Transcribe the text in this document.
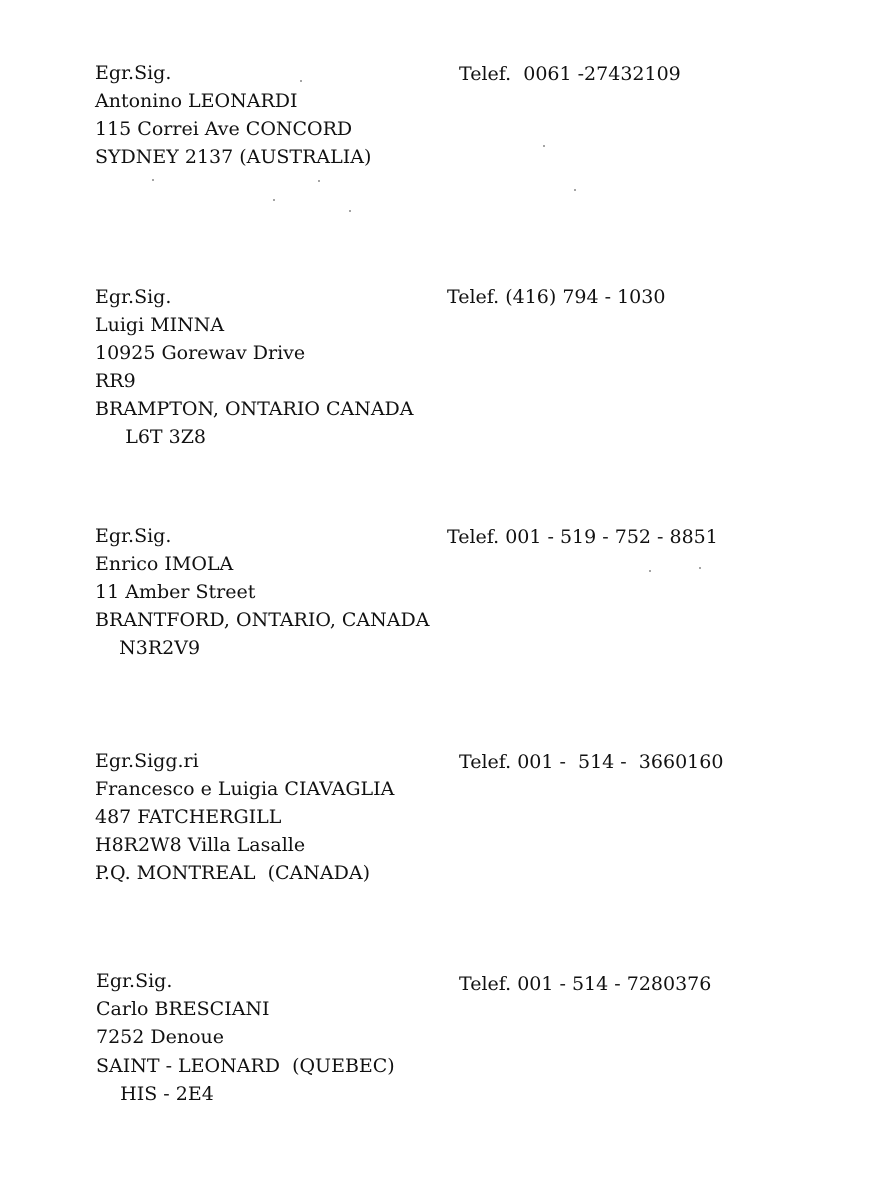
Egr.Sig.	Telef.  0061 -27432109
Antonino LEONARDI
115 Correi Ave CONCORD
SYDNEY 2137 (AUSTRALIA)
Egr.Sig.	Telef. (416) 794 - 1030
Luigi MINNA
10925 Gorewav Drive
RR9
BRAMPTON, ONTARIO CANADA
L6T 3Z8
Egr.Sig.	Telef. 001 - 519 - 752 - 8851
Enrico IMOLA
11 Amber Street
BRANTFORD, ONTARIO, CANADA
N3R2V9
Egr.Sigg.ri	Telef. 001 -  514 -  3660160
Francesco e Luigia CIAVAGLIA
487 FATCHERGILL
H8R2W8 Villa Lasalle
P.Q. MONTREAL  (CANADA)
Egr.Sig.	Telef. 001 - 514 - 7280376
Carlo BRESCIANI
7252 Denoue
SAINT - LEONARD  (QUEBEC)
HIS - 2E4
